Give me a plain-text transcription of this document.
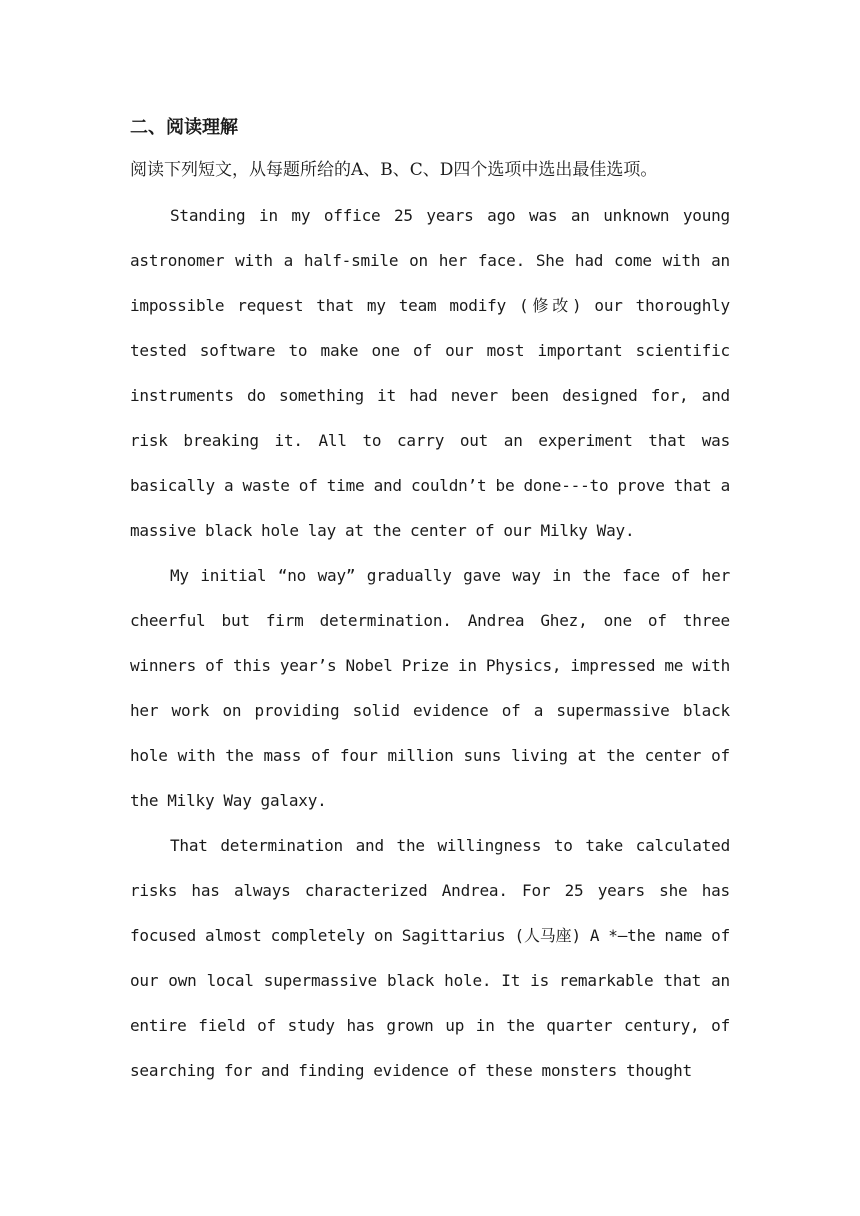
二、阅读理解

阅读下列短文，从每题所给的A、B、C、D四个选项中选出最佳选项。

Standing in my office 25 years ago was an unknown young astronomer with a half-smile on her face. She had come with an impossible request that my team modify (修改) our thoroughly tested software to make one of our most important scientific instruments do something it had never been designed for, and risk breaking it. All to carry out an experiment that was basically a waste of time and couldn’t be done---to prove that a massive black hole lay at the center of our Milky Way.

My initial “no way” gradually gave way in the face of her cheerful but firm determination. Andrea Ghez, one of three winners of this year’s Nobel Prize in Physics, impressed me with her work on providing solid evidence of a supermassive black hole with the mass of four million suns living at the center of the Milky Way galaxy.

That determination and the willingness to take calculated risks has always characterized Andrea. For 25 years she has focused almost completely on Sagittarius (人马座) A *—the name of our own local supermassive black hole. It is remarkable that an entire field of study has grown up in the quarter century, of searching for and finding evidence of these monsters thought
